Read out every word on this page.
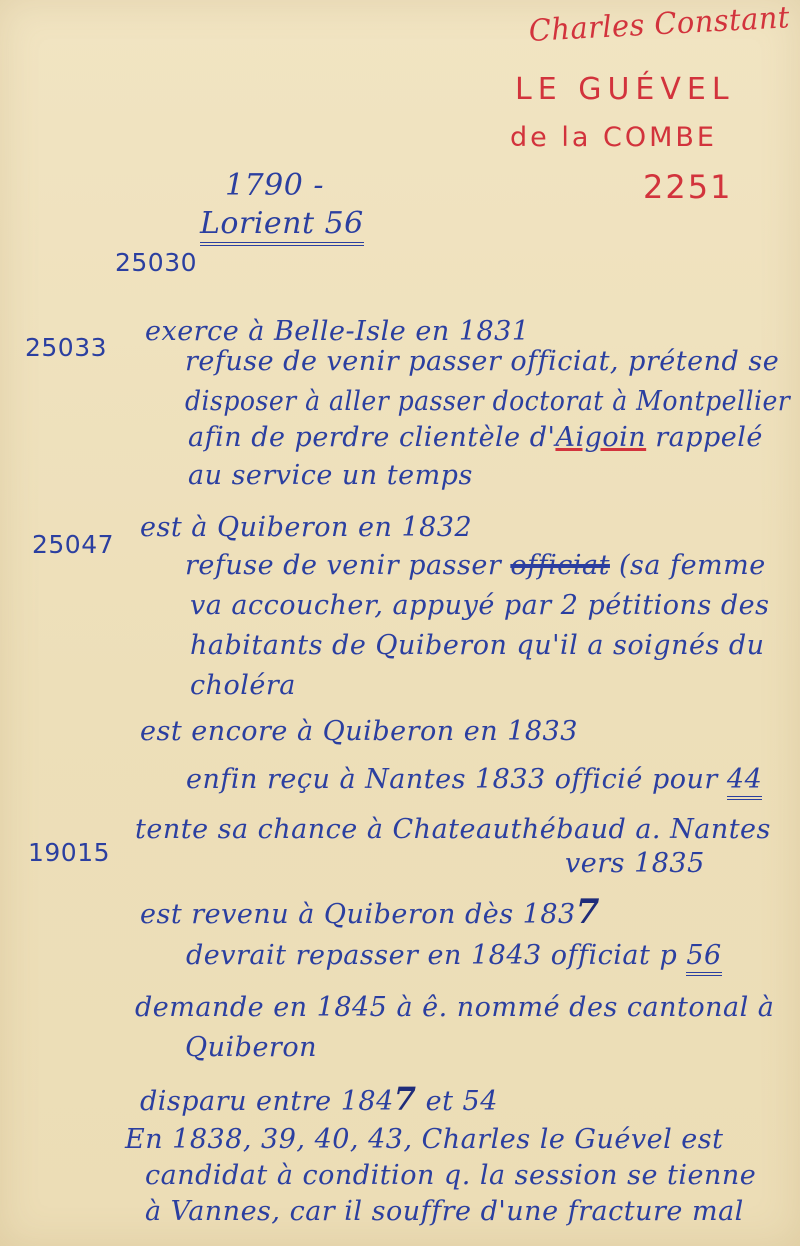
Charles Constant
LE GUÉVEL
de la COMBE
2251
1790 -
Lorient 56
25030
25033
exerce à Belle-Isle en 1831
refuse de venir passer officiat, prétend se
disposer à aller passer doctorat à Montpellier
afin de perdre clientèle d'Aigoin rappelé
au service un temps
25047
est à Quiberon en 1832
refuse de venir passer officiat (sa femme
va accoucher, appuyé par 2 pétitions des
habitants de Quiberon qu'il a soignés du
choléra
est encore à Quiberon en 1833
enfin reçu à Nantes 1833 officié pour 44
19015
tente sa chance à Chateauthébaud a. Nantes
vers 1835
est revenu à Quiberon dès 1837
devrait repasser en 1843 officiat p 56
demande en 1845 à ê. nommé des cantonal à
Quiberon
disparu entre 1847 et 54
En 1838, 39, 40, 43, Charles le Guével est
candidat à condition q. la session se tienne
à Vannes, car il souffre d'une fracture mal
